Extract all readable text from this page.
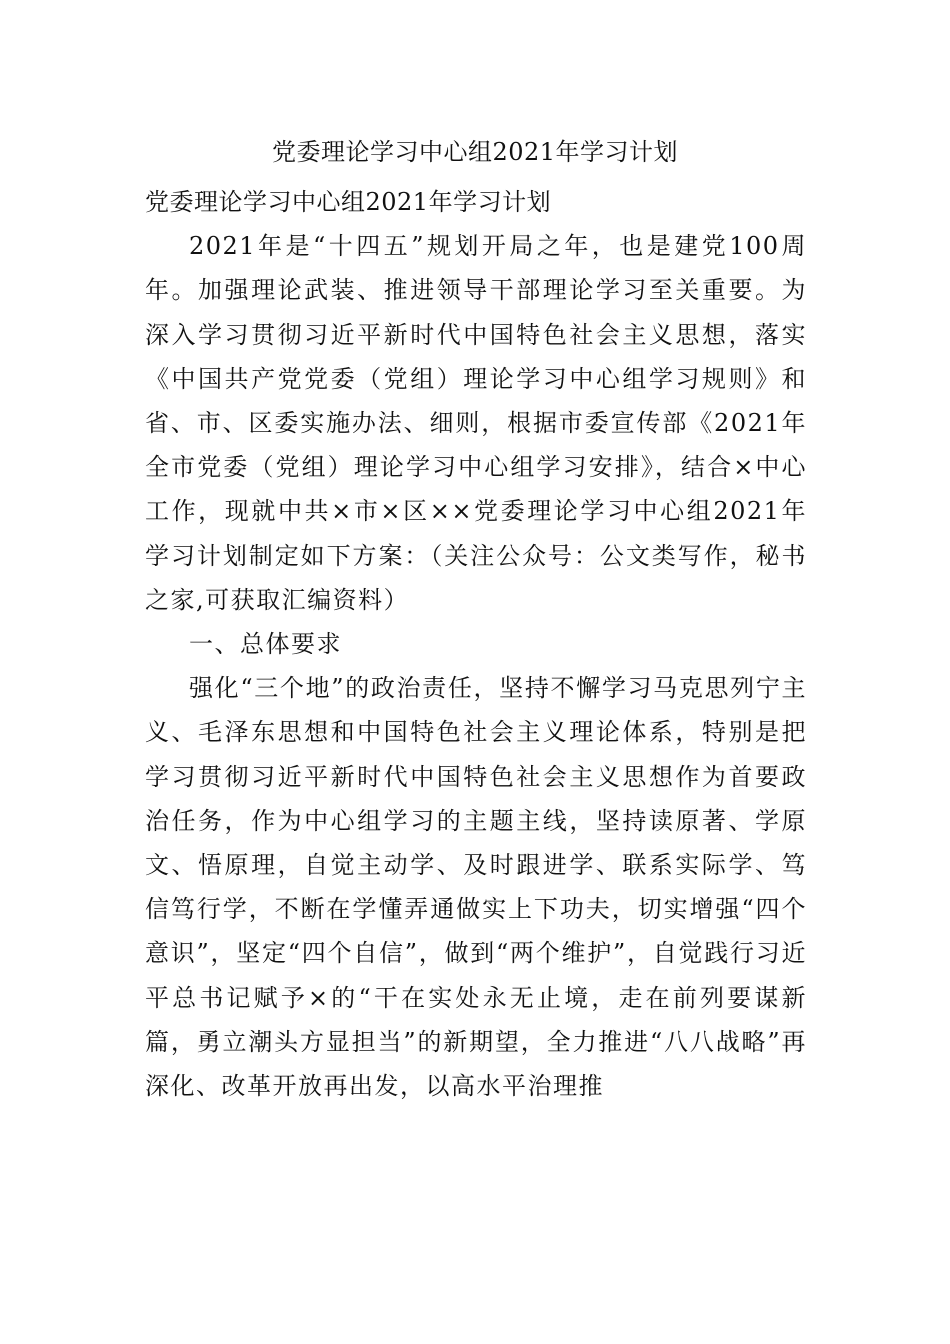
党委理论学习中心组2021年学习计划

党委理论学习中心组2021年学习计划

2021年是“十四五”规划开局之年，也是建党100周年。加强理论武装、推进领导干部理论学习至关重要。为深入学习贯彻习近平新时代中国特色社会主义思想，落实《中国共产党党委（党组）理论学习中心组学习规则》和省、市、区委实施办法、细则，根据市委宣传部《2021年全市党委（党组）理论学习中心组学习安排》，结合×中心工作，现就中共×市×区××党委理论学习中心组2021年学习计划制定如下方案：（关注公众号：公文类写作，秘书之家,可获取汇编资料）

一、总体要求

强化“三个地”的政治责任，坚持不懈学习马克思列宁主义、毛泽东思想和中国特色社会主义理论体系，特别是把学习贯彻习近平新时代中国特色社会主义思想作为首要政治任务，作为中心组学习的主题主线，坚持读原著、学原文、悟原理，自觉主动学、及时跟进学、联系实际学、笃信笃行学，不断在学懂弄通做实上下功夫，切实增强“四个意识”，坚定“四个自信”，做到“两个维护”，自觉践行习近平总书记赋予×的“干在实处永无止境，走在前列要谋新篇，勇立潮头方显担当”的新期望，全力推进“八八战略”再深化、改革开放再出发，以高水平治理推
